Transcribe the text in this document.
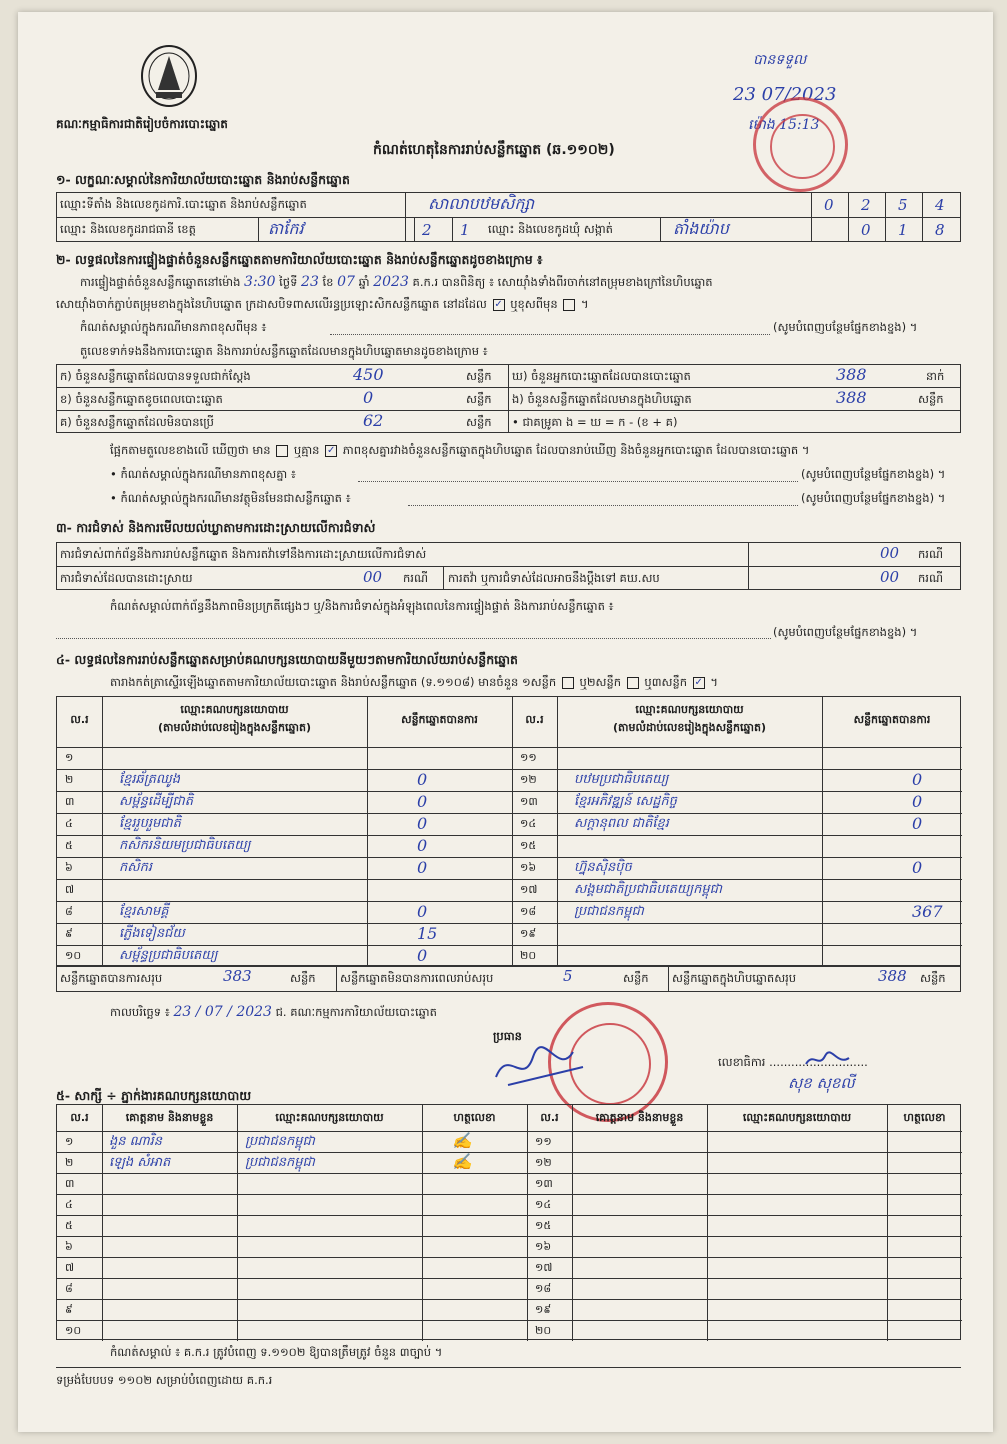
គណៈកម្មាធិការជាតិរៀបចំការបោះឆ្នោត
កំណត់ហេតុនៃការរាប់សន្លឹកឆ្នោត (ឆ.១១០២)
បានទទួល
23 07/2023
ម៉ោង 15:13
១- លក្ខណៈសម្គាល់នៃការិយាល័យបោះឆ្នោត និងរាប់សន្លឹកឆ្នោត
ឈ្មោះទីតាំង និងលេខកូដការិ.បោះឆ្នោត និងរាប់សន្លឹកឆ្នោត	សាលាបឋមសិក្សា	0 2 5 4
ឈ្មោះ និងលេខកូដរាជធានី ខេត្ត	តាកែវ	2 1 ឈ្មោះ និងលេខកូដឃុំ សង្កាត់	តាំងយ៉ាប	0 1 8
២- លទ្ធផលនៃការផ្ទៀងផ្ទាត់ចំនួនសន្លឹកឆ្នោតតាមការិយាល័យបោះឆ្នោត និងរាប់សន្លឹកឆ្នោតដូចខាងក្រោម ៖
ការផ្ទៀងផ្ទាត់ចំនួនសន្លឹកឆ្នោតនៅម៉ោង 3:30 ថ្ងៃទី 23 ខែ 07 ឆ្នាំ 2023 គ.ក.រ បានពិនិត្យ ៖ សោយ៉ាំងទាំងពីរចាក់នៅតម្រុមខាងក្រៅនៃហិបឆ្នោត
សោយ៉ាំងចាក់ភ្ជាប់តម្រុមខាងក្នុងនៃហិបឆ្នោត ក្រដាសបិទពាសលើរន្ធប្រឡោះសិកសន្លឹកឆ្នោត នៅដដែល ✓ ឬខុសពីមុន  ។
កំណត់សម្គាល់ក្នុងករណីមានភាពខុសពីមុន ៖	(សូមបំពេញបន្ថែមផ្នែកខាងខ្នង) ។
តួលេខទាក់ទងនឹងការបោះឆ្នោត និងការរាប់សន្លឹកឆ្នោតដែលមានក្នុងហិបឆ្នោតមានដូចខាងក្រោម ៖
ក) ចំនួនសន្លឹកឆ្នោតដែលបានទទួលជាក់ស្ដែង	450	សន្លឹក
ខ) ចំនួនសន្លឹកឆ្នោតខូចពេលបោះឆ្នោត	0	សន្លឹក
គ) ចំនួនសន្លឹកឆ្នោតដែលមិនបានប្រើ	62	សន្លឹក
ឃ) ចំនួនអ្នកបោះឆ្នោតដែលបានបោះឆ្នោត	388	នាក់
ង) ចំនួនសន្លឹកឆ្នោតដែលមានក្នុងហិបឆ្នោត	388	សន្លឹក
• ជាគម្រូគា ង = ឃ = ក - (ខ + គ)
ផ្អែកតាមតួលេខខាងលើ ឃើញថា មាន ឬគ្មាន ✓ ភាពខុសគ្នារវាងចំនួនសន្លឹកឆ្នោតក្នុងហិបឆ្នោត ដែលបានរាប់ឃើញ និងចំនួនអ្នកបោះឆ្នោត ដែលបានបោះឆ្នោត ។
• កំណត់សម្គាល់ក្នុងករណីមានភាពខុសគ្នា ៖	(សូមបំពេញបន្ថែមផ្នែកខាងខ្នង) ។
• កំណត់សម្គាល់ក្នុងករណីមានវត្ថុមិនមែនជាសន្លឹកឆ្នោត ៖	(សូមបំពេញបន្ថែមផ្នែកខាងខ្នង) ។
៣- ការជំទាស់ និងការមើលយល់ឃ្លាតាមការដោះស្រាយលើការជំទាស់
ការជំទាស់ពាក់ព័ន្ធនឹងការរាប់សន្លឹកឆ្នោត និងការតវ៉ាទៅនឹងការដោះស្រាយលើការជំទាស់	00 ករណី
ការជំទាស់ដែលបានដោះស្រាយ	00 ករណី ការតវ៉ា ឬការជំទាស់ដែលអាចនឹងប្ដឹងទៅ គឃ.សប	00 ករណី
កំណត់សម្គាល់ពាក់ព័ន្ធនឹងភាពមិនប្រក្រតីផ្សេងៗ ឬ/និងការជំទាស់ក្នុងអំឡុងពេលនៃការផ្ទៀងផ្ទាត់ និងការរាប់សន្លឹកឆ្នោត ៖
(សូមបំពេញបន្ថែមផ្នែកខាងខ្នង) ។
៤- លទ្ធផលនៃការរាប់សន្លឹកឆ្នោតសម្រាប់គណបក្សនយោបាយនីមួយៗតាមការិយាល័យរាប់សន្លឹកឆ្នោត
តារាងកត់ត្រាស្ទើរឡើងឆ្នោតតាមការិយាល័យបោះឆ្នោត និងរាប់សន្លឹកឆ្នោត (ទ.១១០៨) មានចំនួន ១សន្លឹក ឬ២សន្លឹក ឬ៣សន្លឹក ✓ ។
ល.រ
ឈ្មោះគណបក្សនយោបាយ
(តាមលំដាប់លេខរៀងក្នុងសន្លឹកឆ្នោត)
សន្លឹកឆ្នោតបានការ	ល.រ
ឈ្មោះគណបក្សនយោបាយ
(តាមលំដាប់លេខរៀងក្នុងសន្លឹកឆ្នោត)
សន្លឹកឆ្នោតបានការ
១
២	ខ្មែរឆ័ត្រឈូង	0
៣	សម្ព័ន្ធដើម្បីជាតិ	0
៤	ខ្មែររួបរួមជាតិ	0
៥	កសិករនិយមប្រជាធិបតេយ្យ	0
៦	កសិករ	0
៧
៨	ខ្មែរសាមគ្គី	0
៩	ភ្លើងទៀនជ័យ	15
១០	សម្ព័ន្ធប្រជាធិបតេយ្យ	0
១១
១២	បឋមប្រជាធិបតេយ្យ	0
១៣	ខ្មែរអភិវឌ្ឍន៍ សេដ្ឋកិច្ច	0
១៤	សក្ដានុពល ជាតិខ្មែរ	0
១៥
១៦	ហ្វ៊ុនស៊ិនប៉ិច	0
១៧	សង្គមជាតិប្រជាធិបតេយ្យកម្ពុជា
១៨	ប្រជាជនកម្ពុជា	367
១៩
២០
សន្លឹកឆ្នោតបានការសរុប	383	សន្លឹក សន្លឹកឆ្នោតមិនបានការពេលរាប់សរុប	5	សន្លឹក សន្លឹកឆ្នោតក្នុងហិបឆ្នោតសរុប	388 សន្លឹក
កាលបរិច្ឆេទ ៖ 23 / 07 / 2023 ជ. គណៈកម្មការការិយាល័យបោះឆ្នោត
ប្រធាន
លេខាធិការ ...........................
សុខ សុខលី
៥- សាក្សី ÷ ភ្នាក់ងារគណបក្សនយោបាយ
ល.រ	គោត្តនាម និងនាមខ្លួន	ឈ្មោះគណបក្សនយោបាយ	ហត្ថលេខា	ល.រ	គោត្តនាម និងនាមខ្លួន	ឈ្មោះគណបក្សនយោបាយ	ហត្ថលេខា
១	ងួន ណារិន	ប្រជាជនកម្ពុជា	✍
២	ឡេង សំអាត	ប្រជាជនកម្ពុជា	✍
៣
៤
៥
៦
៧
៨
៩
១០
១១
១២
១៣
១៤
១៥
១៦
១៧
១៨
១៩
២០
កំណត់សម្គាល់ ៖ គ.ក.រ ត្រូវបំពេញ ទ.១១០២ ឱ្យបានត្រឹមត្រូវ ចំនួន ៣ច្បាប់ ។
ទម្រង់បែបបទ ១១០២ សម្រាប់បំពេញដោយ គ.ក.រ
